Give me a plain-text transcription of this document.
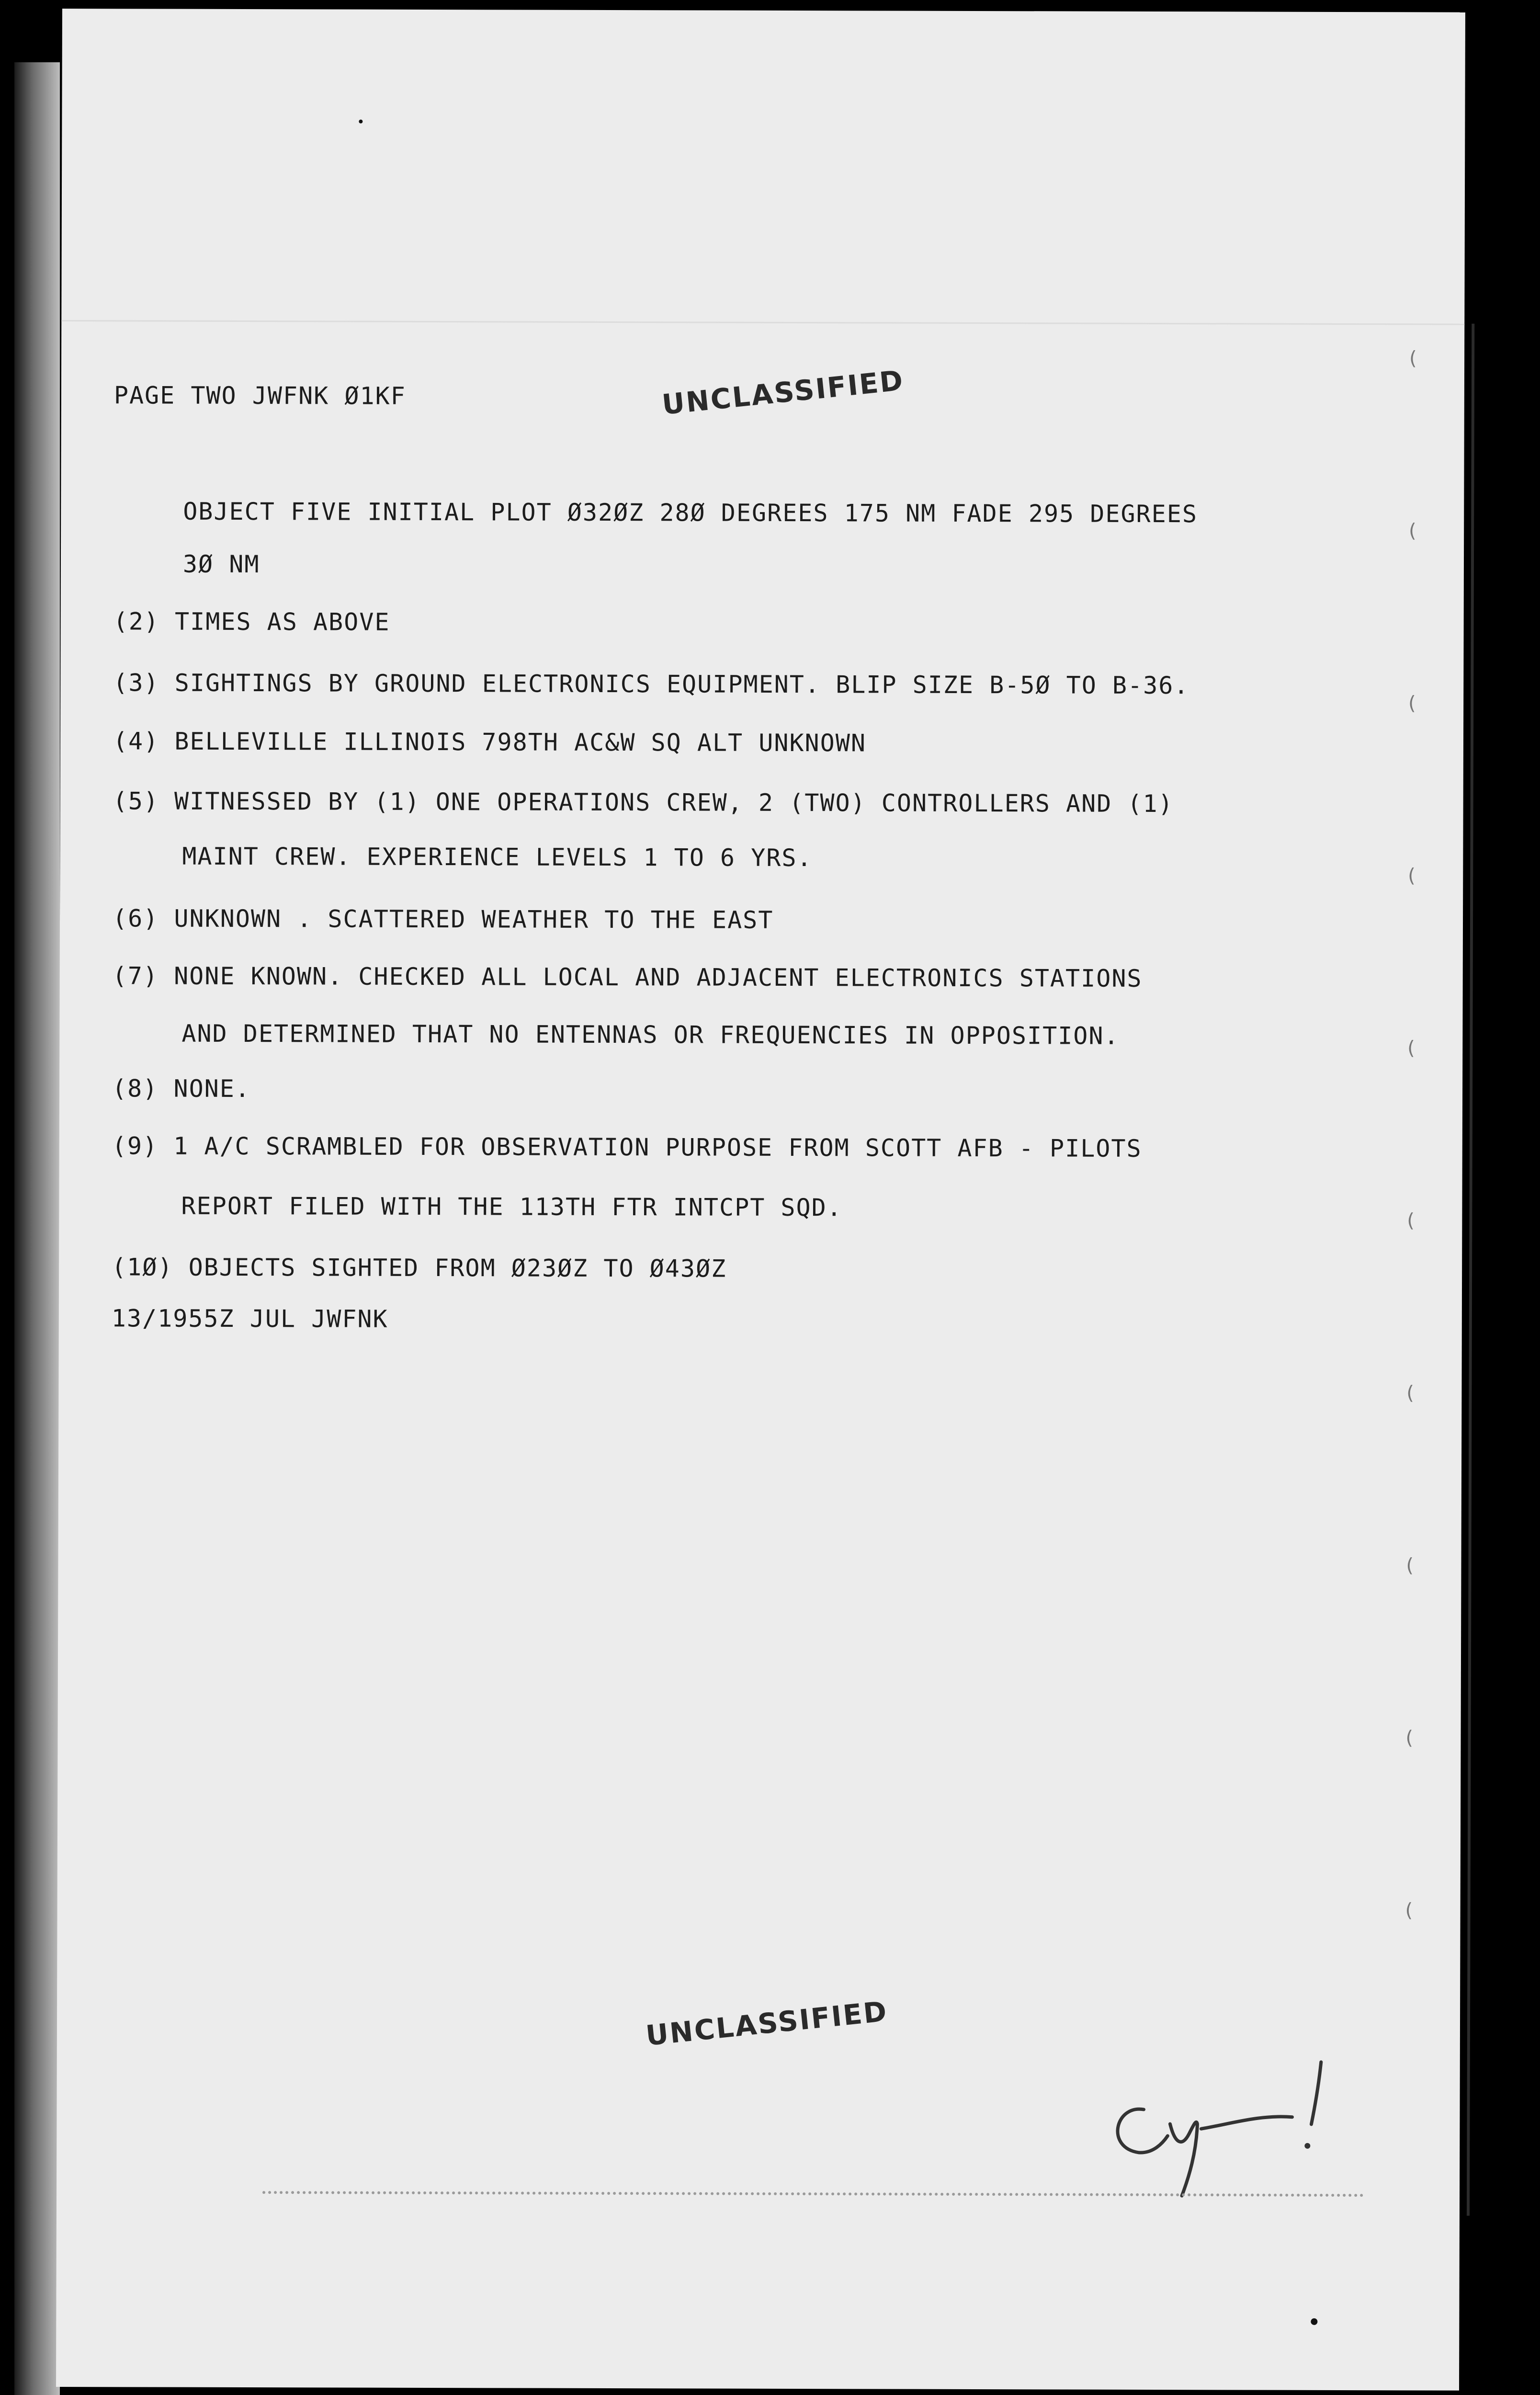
PAGE TWO JWFNK Ø1KF	UNCLASSIFIED
OBJECT FIVE INITIAL PLOT Ø32ØZ 28Ø DEGREES 175 NM FADE 295 DEGREES
3Ø NM
(2) TIMES AS ABOVE
(3) SIGHTINGS BY GROUND ELECTRONICS EQUIPMENT. BLIP SIZE B-5Ø TO B-36.
(4) BELLEVILLE ILLINOIS 798TH AC&W SQ ALT UNKNOWN
(5) WITNESSED BY (1) ONE OPERATIONS CREW, 2 (TWO) CONTROLLERS AND (1)
MAINT CREW. EXPERIENCE LEVELS 1 TO 6 YRS.
(6) UNKNOWN . SCATTERED WEATHER TO THE EAST
(7) NONE KNOWN. CHECKED ALL LOCAL AND ADJACENT ELECTRONICS STATIONS
AND DETERMINED THAT NO ENTENNAS OR FREQUENCIES IN OPPOSITION.
(8) NONE.
(9) 1 A/C SCRAMBLED FOR OBSERVATION PURPOSE FROM SCOTT AFB - PILOTS
REPORT FILED WITH THE 113TH FTR INTCPT SQD.
(1Ø) OBJECTS SIGHTED FROM Ø23ØZ TO Ø43ØZ
13/1955Z JUL JWFNK
UNCLASSIFIED
(
(
(
(
(
(
(
(
(
(
